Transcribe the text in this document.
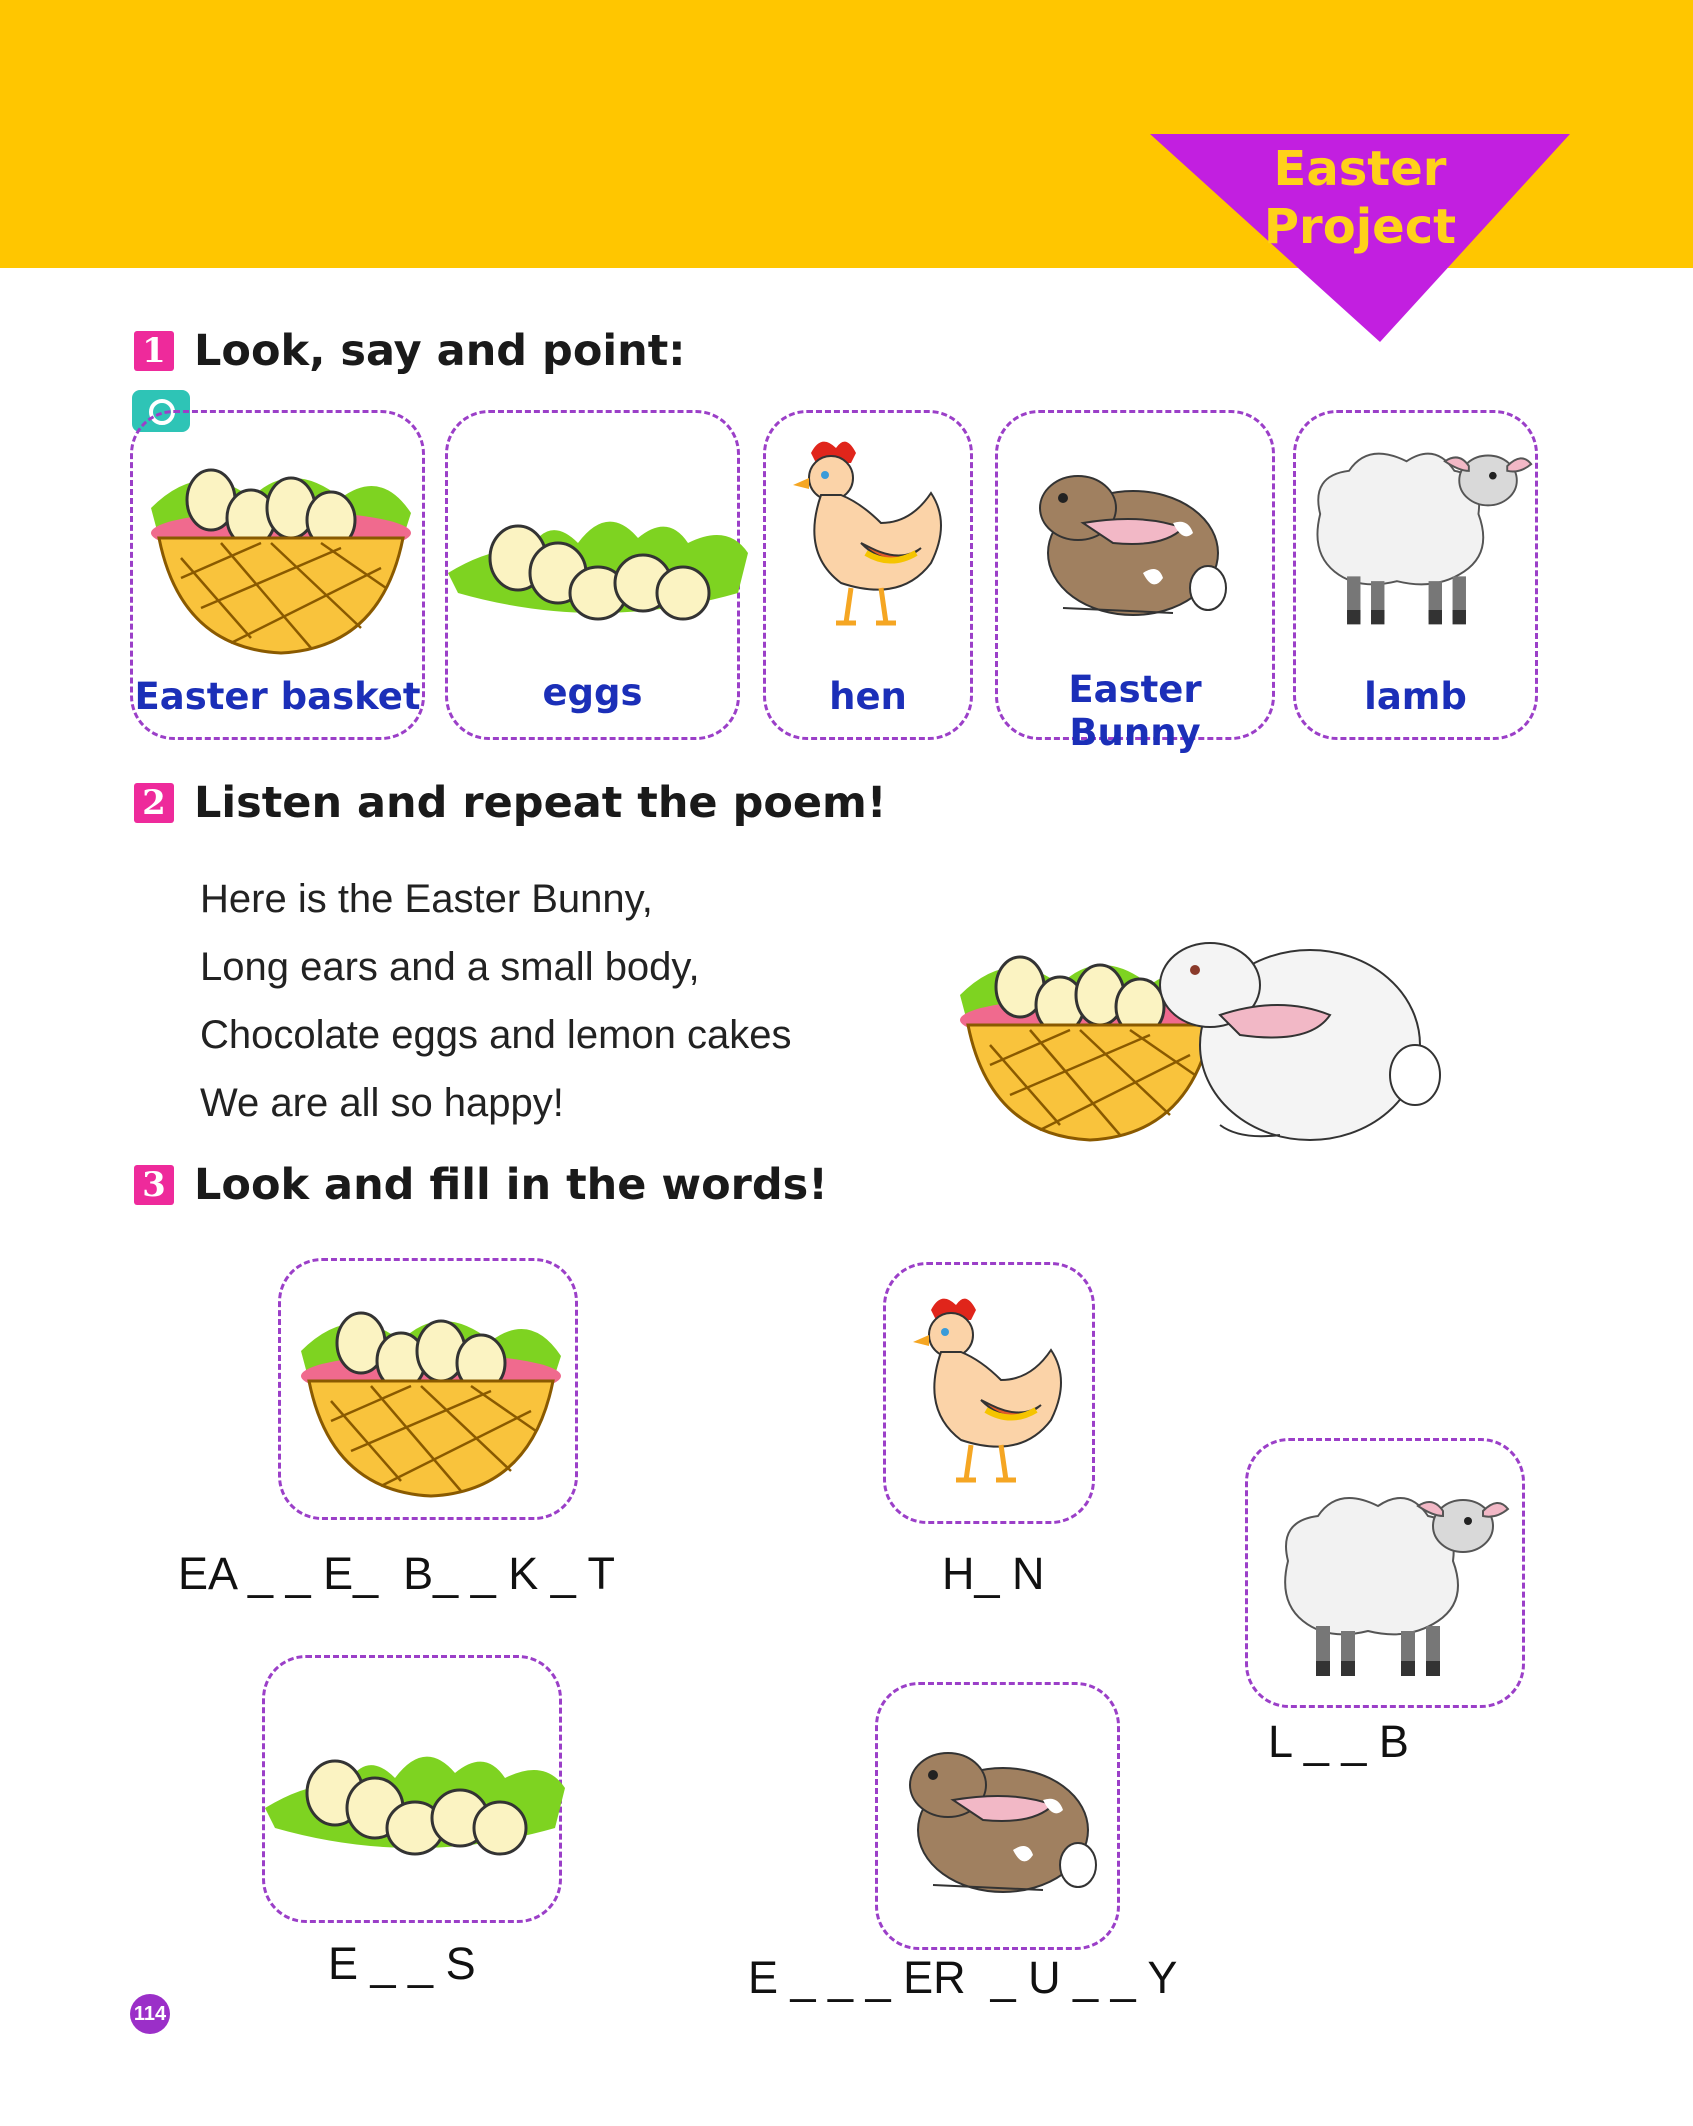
Easter
Project
1 Look, say and point:
Easter basket	eggs	hen	Easter Bunny
lamb
2 Listen and repeat the poem!
Here is the Easter Bunny,
Long ears and a small body,
Chocolate eggs and lemon cakes
We are all so happy!
3 Look and fill in the words!
EA _ _ E_  B_ _ K _ T	H_ N
L _ _ B
E _ _ S	E _ _ _ ER  _ U _ _ Y
114
